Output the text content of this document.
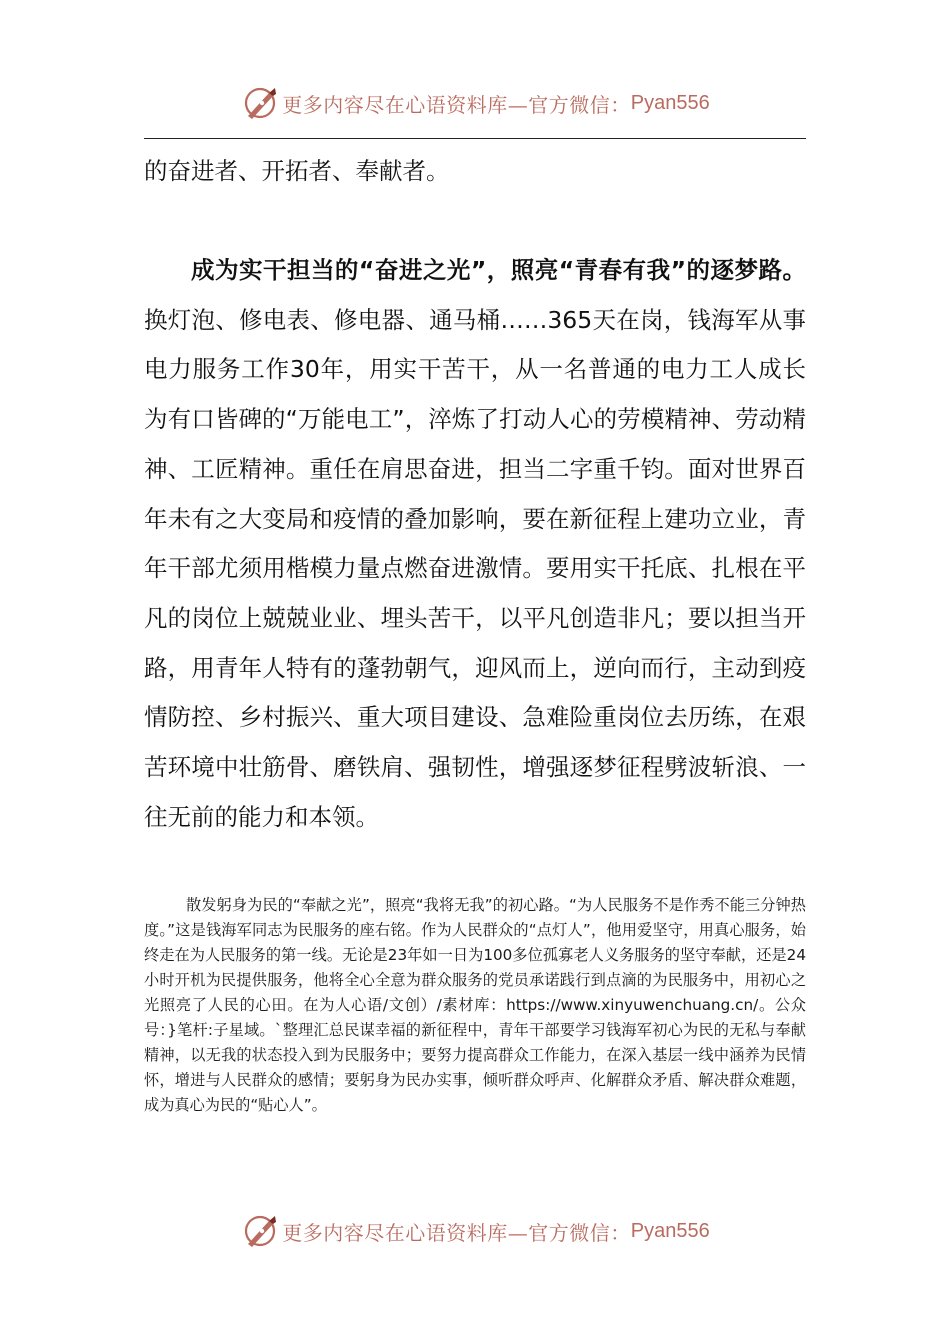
更多内容尽在心语资料库—官方微信： Pyan556
的奋进者、开拓者、奉献者。
成为实干担当的“奋进之光”，照亮“青春有我”的逐梦路。换灯泡、修电表、修电器、通马桶……365天在岗，钱海军从事电力服务工作30年，用实干苦干，从一名普通的电力工人成长为有口皆碑的“万能电工”，淬炼了打动人心的劳模精神、劳动精神、工匠精神。重任在肩思奋进，担当二字重千钧。面对世界百年未有之大变局和疫情的叠加影响，要在新征程上建功立业，青年干部尤须用楷模力量点燃奋进激情。要用实干托底、扎根在平凡的岗位上兢兢业业、埋头苦干，以平凡创造非凡；要以担当开路，用青年人特有的蓬勃朝气，迎风而上，逆向而行，主动到疫情防控、乡村振兴、重大项目建设、急难险重岗位去历练，在艰苦环境中壮筋骨、磨铁肩、强韧性，增强逐梦征程劈波斩浪、一往无前的能力和本领。
散发躬身为民的“奉献之光”，照亮“我将无我”的初心路。“为人民服务不是作秀不能三分钟热度。”这是钱海军同志为民服务的座右铭。作为人民群众的“点灯人”，他用爱坚守，用真心服务，始终走在为人民服务的第一线。无论是23年如一日为100多位孤寡老人义务服务的坚守奉献，还是24小时开机为民提供服务，他将全心全意为群众服务的党员承诺践行到点滴的为民服务中，用初心之光照亮了人民的心田。在为人心语/文创）/素材库：https://www.xinyuwenchuang.cn/。公众号：}笔杆:子星域。`整理汇总民谋幸福的新征程中，青年干部要学习钱海军初心为民的无私与奉献精神，以无我的状态投入到为民服务中；要努力提高群众工作能力，在深入基层一线中涵养为民情怀，增进与人民群众的感情；要躬身为民办实事，倾听群众呼声、化解群众矛盾、解决群众难题，成为真心为民的“贴心人”。
更多内容尽在心语资料库—官方微信： Pyan556
